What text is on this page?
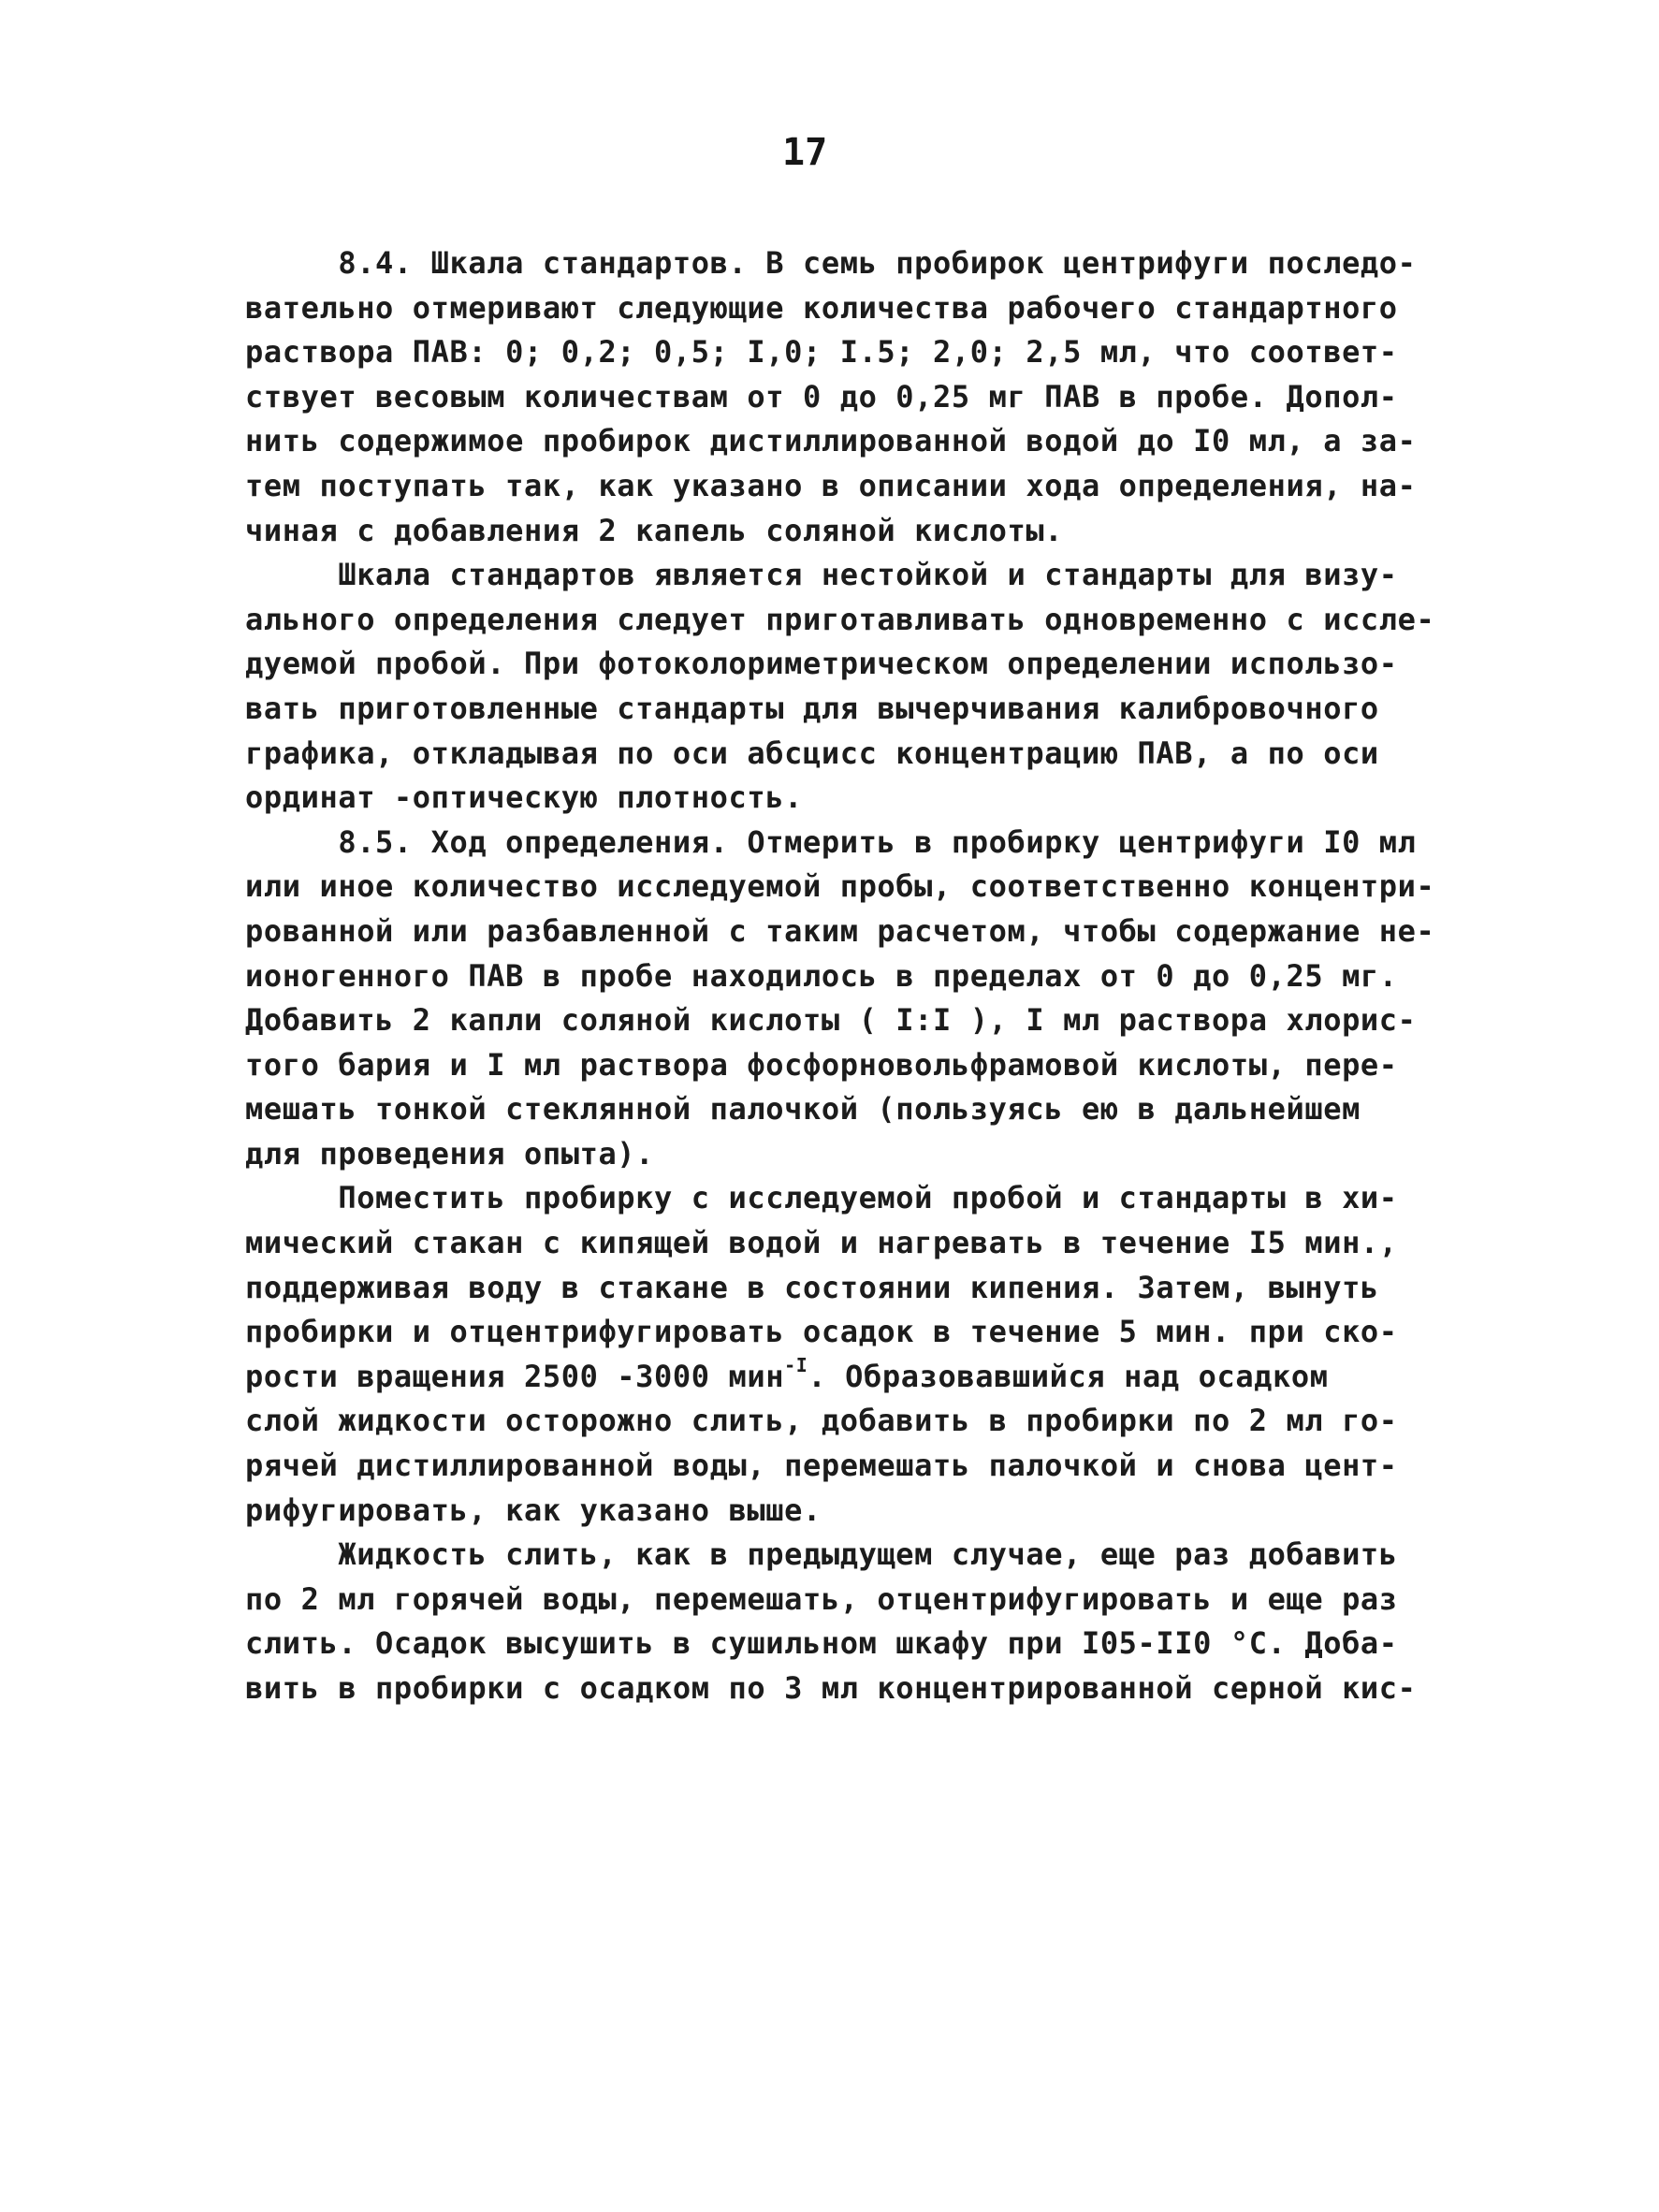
17
8.4. Шкала стандартов. В семь пробирок центрифуги последо-
вательно отмеривают следующие количества рабочего стандартного
раствора ПАВ: 0; 0,2; 0,5; I,0; I.5; 2,0; 2,5 мл, что соответ-
ствует весовым количествам от 0 до 0,25 мг ПАВ в пробе. Допол-
нить содержимое пробирок дистиллированной водой до I0 мл, а за-
тем поступать так, как указано в описании хода определения, на-
чиная с добавления 2 капель соляной кислоты.
Шкала стандартов является нестойкой и стандарты для визу-
ального определения следует приготавливать одновременно с иссле-
дуемой пробой. При фотоколориметрическом определении использо-
вать приготовленные стандарты для вычерчивания калибровочного
графика, откладывая по оси абсцисс концентрацию ПАВ, а по оси
ординат -оптическую плотность.
8.5. Ход определения. Отмерить в пробирку центрифуги I0 мл
или иное количество исследуемой пробы, соответственно концентри-
рованной или разбавленной с таким расчетом, чтобы содержание не-
ионогенного ПАВ в пробе находилось в пределах от 0 до 0,25 мг.
Добавить 2 капли соляной кислоты ( I:I ), I мл раствора хлорис-
того бария и I мл раствора фосфорновольфрамовой кислоты, пере-
мешать тонкой стеклянной палочкой (пользуясь ею в дальнейшем
для проведения опыта).
Поместить пробирку с исследуемой пробой и стандарты в хи-
мический стакан с кипящей водой и нагревать в течение I5 мин.,
поддерживая воду в стакане в состоянии кипения. Затем, вынуть
пробирки и отцентрифугировать осадок в течение 5 мин. при ско-
рости вращения 2500 -3000 мин$^{-I}$. Образовавшийся над осадком
слой жидкости осторожно слить, добавить в пробирки по 2 мл го-
рячей дистиллированной воды, перемешать палочкой и снова цент-
рифугировать, как указано выше.
Жидкость слить, как в предыдущем случае, еще раз добавить
по 2 мл горячей воды, перемешать, отцентрифугировать и еще раз
слить. Осадок высушить в сушильном шкафу при I05-II0 °С. Доба-
вить в пробирки с осадком по 3 мл концентрированной серной кис-
